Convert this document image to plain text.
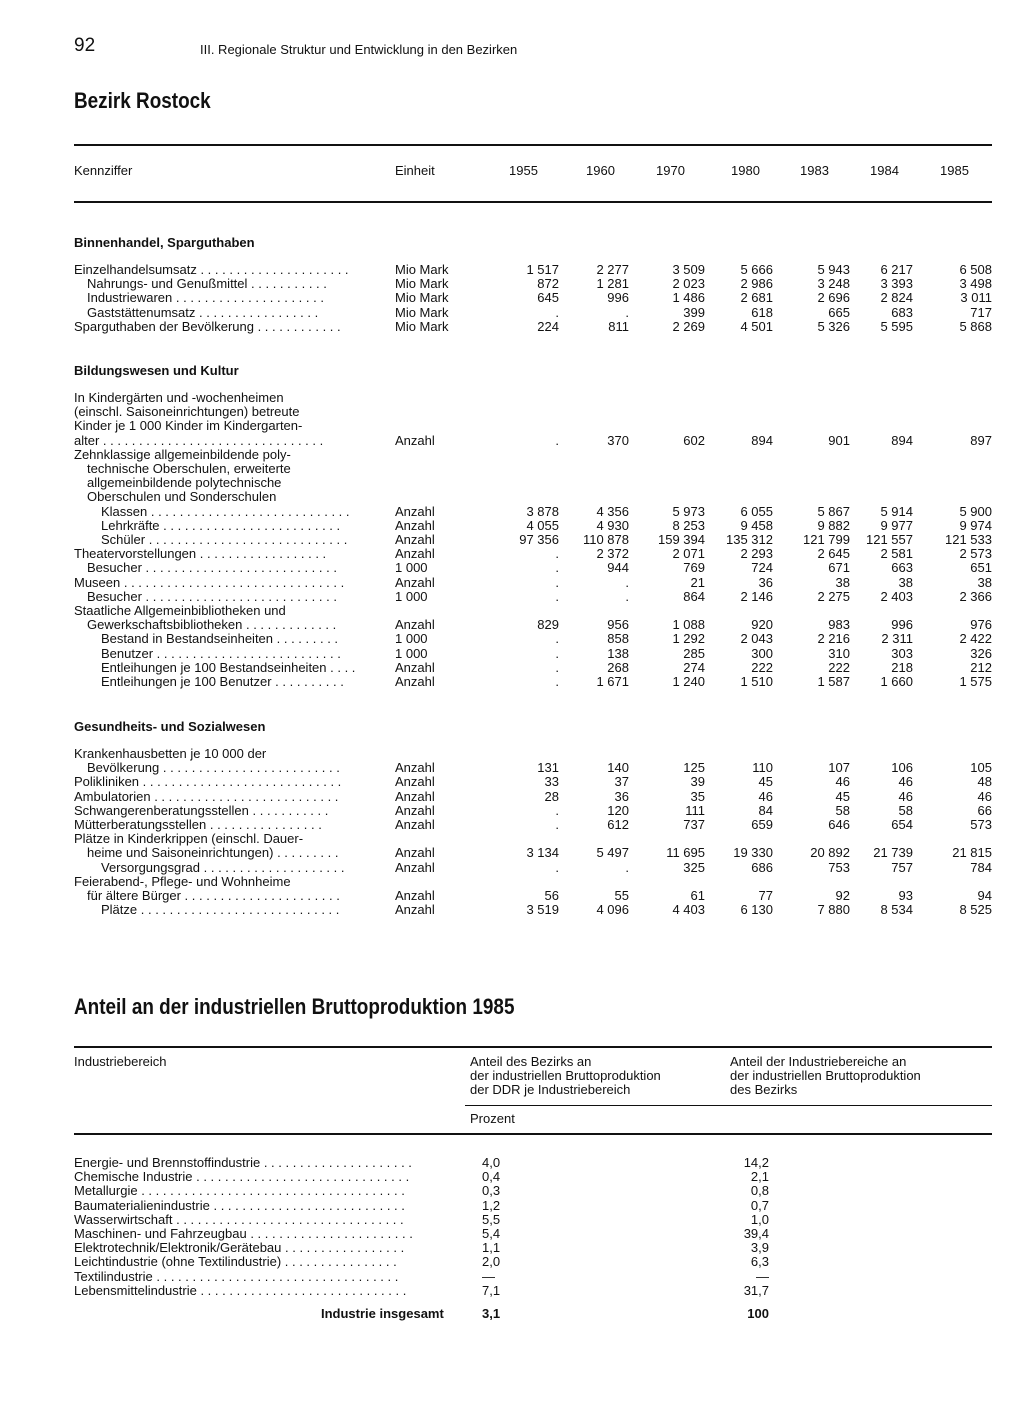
92	III. Regionale Struktur und Entwicklung in den Bezirken
Bezirk Rostock
Kennziffer	Einheit	1955	1960	1970	1980	1983	1984	1985
Binnenhandel, Sparguthaben
Einzelhandelsumsatz . . . . . . . . . . . . . . . . . . . . .	Mio Mark	1 517	2 277	3 509	5 666	5 943	6 217	6 508
Nahrungs- und Genußmittel . . . . . . . . . . .	Mio Mark	872	1 281	2 023	2 986	3 248	3 393	3 498
Industriewaren . . . . . . . . . . . . . . . . . . . . .	Mio Mark	645	996	1 486	2 681	2 696	2 824	3 011
Gaststättenumsatz . . . . . . . . . . . . . . . . .	Mio Mark	.	.	399	618	665	683	717
Sparguthaben der Bevölkerung . . . . . . . . . . . .	Mio Mark	224	811	2 269	4 501	5 326	5 595	5 868
Bildungswesen und Kultur
In Kindergärten und -wochenheimen
(einschl. Saisoneinrichtungen) betreute
Kinder je 1 000 Kinder im Kindergarten-
alter . . . . . . . . . . . . . . . . . . . . . . . . . . . . . . .	Anzahl	.	370	602	894	901	894	897
Zehnklassige allgemeinbildende poly-
technische Oberschulen, erweiterte
allgemeinbildende polytechnische
Oberschulen und Sonderschulen
Klassen . . . . . . . . . . . . . . . . . . . . . . . . . . . .	Anzahl	3 878	4 356	5 973	6 055	5 867	5 914	5 900
Lehrkräfte . . . . . . . . . . . . . . . . . . . . . . . . .	Anzahl	4 055	4 930	8 253	9 458	9 882	9 977	9 974
Schüler . . . . . . . . . . . . . . . . . . . . . . . . . . . .	Anzahl	97 356	110 878	159 394	135 312	121 799	121 557	121 533
Theatervorstellungen . . . . . . . . . . . . . . . . . .	Anzahl	.	2 372	2 071	2 293	2 645	2 581	2 573
Besucher . . . . . . . . . . . . . . . . . . . . . . . . . . .	1 000	.	944	769	724	671	663	651
Museen . . . . . . . . . . . . . . . . . . . . . . . . . . . . . . .	Anzahl	.	.	21	36	38	38	38
Besucher . . . . . . . . . . . . . . . . . . . . . . . . . . .	1 000	.	.	864	2 146	2 275	2 403	2 366
Staatliche Allgemeinbibliotheken und
Gewerkschaftsbibliotheken . . . . . . . . . . . . .	Anzahl	829	956	1 088	920	983	996	976
Bestand in Bestandseinheiten . . . . . . . . .	1 000	.	858	1 292	2 043	2 216	2 311	2 422
Benutzer . . . . . . . . . . . . . . . . . . . . . . . . . .	1 000	.	138	285	300	310	303	326
Entleihungen je 100 Bestandseinheiten . . . .	Anzahl	.	268	274	222	222	218	212
Entleihungen je 100 Benutzer . . . . . . . . . .	Anzahl	.	1 671	1 240	1 510	1 587	1 660	1 575
Gesundheits- und Sozialwesen
Krankenhausbetten je 10 000 der
Bevölkerung . . . . . . . . . . . . . . . . . . . . . . . . .	Anzahl	131	140	125	110	107	106	105
Polikliniken . . . . . . . . . . . . . . . . . . . . . . . . . . . .	Anzahl	33	37	39	45	46	46	48
Ambulatorien . . . . . . . . . . . . . . . . . . . . . . . . . .	Anzahl	28	36	35	46	45	46	46
Schwangerenberatungsstellen . . . . . . . . . . .	Anzahl	.	120	111	84	58	58	66
Mütterberatungsstellen . . . . . . . . . . . . . . . .	Anzahl	.	612	737	659	646	654	573
Plätze in Kinderkrippen (einschl. Dauer-
heime und Saisoneinrichtungen) . . . . . . . . .	Anzahl	3 134	5 497	11 695	19 330	20 892	21 739	21 815
Versorgungsgrad . . . . . . . . . . . . . . . . . . . .	Anzahl	.	.	325	686	753	757	784
Feierabend-, Pflege- und Wohnheime
für ältere Bürger . . . . . . . . . . . . . . . . . . . . . .	Anzahl	56	55	61	77	92	93	94
Plätze . . . . . . . . . . . . . . . . . . . . . . . . . . . .	Anzahl	3 519	4 096	4 403	6 130	7 880	8 534	8 525
Anteil an der industriellen Bruttoproduktion 1985
Industriebereich	Anteil des Bezirks an
der industriellen Bruttoproduktion
der DDR je Industriebereich
Anteil der Industriebereiche an
der industriellen Bruttoproduktion
des Bezirks
Prozent
Energie- und Brennstoffindustrie . . . . . . . . . . . . . . . . . . . . .	4,0	14,2
Chemische Industrie . . . . . . . . . . . . . . . . . . . . . . . . . . . . . .	0,4	2,1
Metallurgie . . . . . . . . . . . . . . . . . . . . . . . . . . . . . . . . . . . . .	0,3	0,8
Baumaterialienindustrie . . . . . . . . . . . . . . . . . . . . . . . . . . .	1,2	0,7
Wasserwirtschaft . . . . . . . . . . . . . . . . . . . . . . . . . . . . . . . .	5,5	1,0
Maschinen- und Fahrzeugbau . . . . . . . . . . . . . . . . . . . . . . .	5,4	39,4
Elektrotechnik/Elektronik/Gerätebau . . . . . . . . . . . . . . . . .	1,1	3,9
Leichtindustrie (ohne Textilindustrie) . . . . . . . . . . . . . . . .	2,0	6,3
Textilindustrie . . . . . . . . . . . . . . . . . . . . . . . . . . . . . . . . . .	—	—
Lebensmittelindustrie . . . . . . . . . . . . . . . . . . . . . . . . . . . . .	7,1	31,7
Industrie insgesamt	3,1	100
